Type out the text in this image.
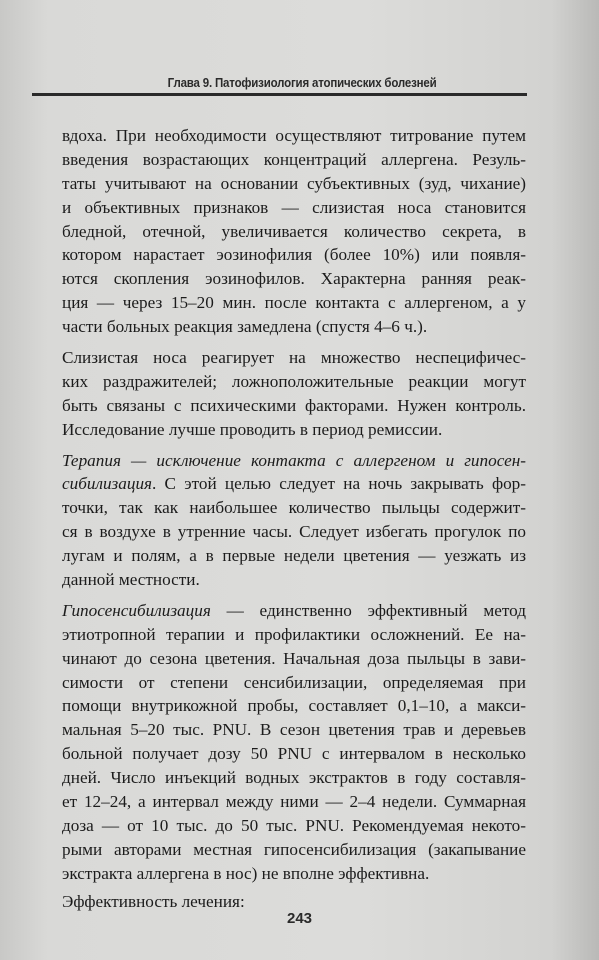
Глава 9. Патофизиология атопических болезней
вдоха. При необходимости осуществляют титрование путем
введения возрастающих концентраций аллергена. Резуль-
таты учитывают на основании субъективных (зуд, чихание)
и объективных признаков — слизистая носа становится
бледной, отечной, увеличивается количество секрета, в
котором нарастает эозинофилия (более 10%) или появля-
ются скопления эозинофилов. Характерна ранняя реак-
ция — через 15–20 мин. после контакта с аллергеном, а у
части больных реакция замедлена (спустя 4–6 ч.).
Слизистая носа реагирует на множество неспецифичес-
ких раздражителей; ложноположительные реакции могут
быть связаны с психическими факторами. Нужен контроль.
Исследование лучше проводить в период ремиссии.
Терапия — исключение контакта с аллергеном и гипосен-
сибилизация. С этой целью следует на ночь закрывать фор-
точки, так как наибольшее количество пыльцы содержит-
ся в воздухе в утренние часы. Следует избегать прогулок по
лугам и полям, а в первые недели цветения — уезжать из
данной местности.
Гипосенсибилизация — единственно эффективный метод
этиотропной терапии и профилактики осложнений. Ее на-
чинают до сезона цветения. Начальная доза пыльцы в зави-
симости от степени сенсибилизации, определяемая при
помощи внутрикожной пробы, составляет 0,1–10, а макси-
мальная 5–20 тыс. PNU. В сезон цветения трав и деревьев
больной получает дозу 50 PNU с интервалом в несколько
дней. Число инъекций водных экстрактов в году составля-
ет 12–24, а интервал между ними — 2–4 недели. Суммарная
доза — от 10 тыс. до 50 тыс. PNU. Рекомендуемая некото-
рыми авторами местная гипосенсибилизация (закапывание
экстракта аллергена в нос) не вполне эффективна.
Эффективность лечения:
243
